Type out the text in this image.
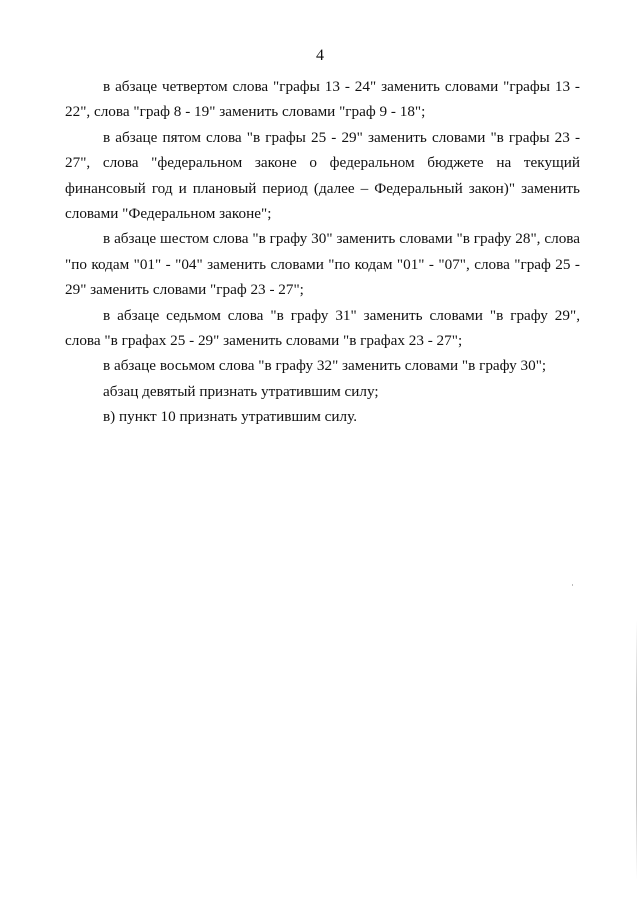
4

в абзаце четвертом слова "графы 13 - 24" заменить словами "графы 13 - 22", слова "граф 8 - 19" заменить словами "граф 9 - 18";

в абзаце пятом слова "в графы 25 - 29" заменить словами "в графы 23 - 27", слова "федеральном законе о федеральном бюджете на текущий финансовый год и плановый период (далее – Федеральный закон)" заменить словами "Федеральном законе";

в абзаце шестом слова "в графу 30" заменить словами "в графу 28", слова "по кодам "01" - "04" заменить словами "по кодам "01" - "07", слова "граф 25 - 29" заменить словами "граф 23 - 27";

в абзаце седьмом слова "в графу 31" заменить словами "в графу 29", слова "в графах 25 - 29" заменить словами "в графах 23 - 27";

в абзаце восьмом слова "в графу 32" заменить словами "в графу 30";

абзац девятый признать утратившим силу;

в) пункт 10 признать утратившим силу.
